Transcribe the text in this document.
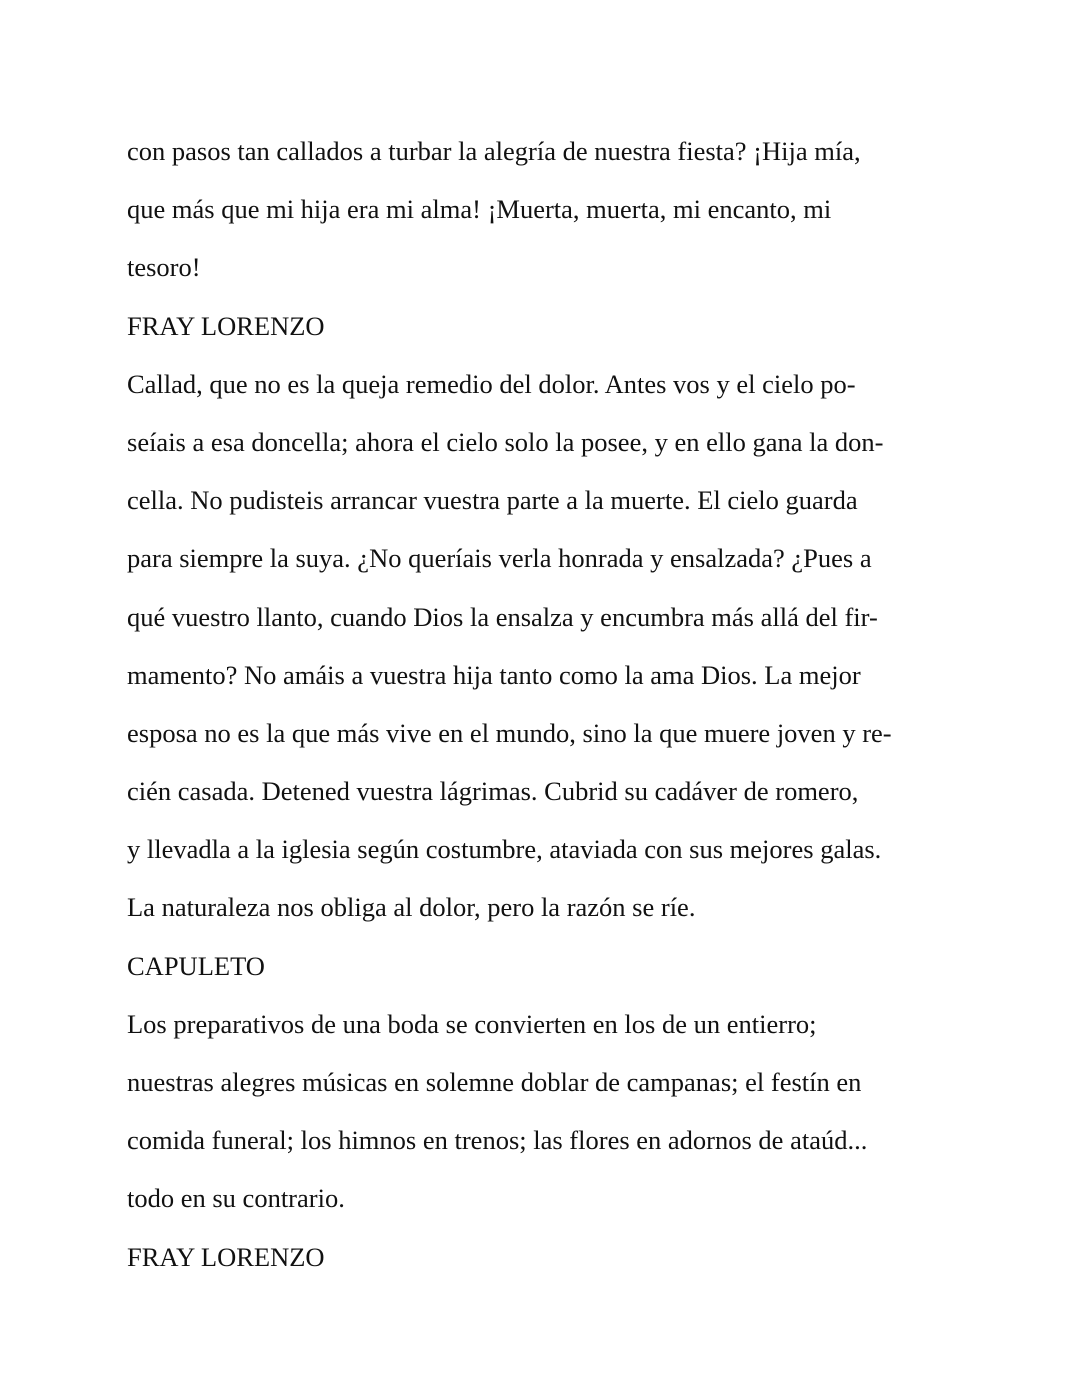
con pasos tan callados a turbar la alegría de nuestra fiesta? ¡Hija mía,

que más que mi hija era mi alma! ¡Muerta, muerta, mi encanto, mi

tesoro!

FRAY LORENZO

Callad, que no es la queja remedio del dolor. Antes vos y el cielo po-

seíais a esa doncella; ahora el cielo solo la posee, y en ello gana la don-

cella. No pudisteis arrancar vuestra parte a la muerte. El cielo guarda

para siempre la suya. ¿No queríais verla honrada y ensalzada? ¿Pues a

qué vuestro llanto, cuando Dios la ensalza y encumbra más allá del fir-

mamento? No amáis a vuestra hija tanto como la ama Dios. La mejor

esposa no es la que más vive en el mundo, sino la que muere joven y re-

cién casada. Detened vuestra lágrimas. Cubrid su cadáver de romero,

y llevadla a la iglesia según costumbre, ataviada con sus mejores galas.

La naturaleza nos obliga al dolor, pero la razón se ríe.

CAPULETO

Los preparativos de una boda se convierten en los de un entierro;

nuestras alegres músicas en solemne doblar de campanas; el festín en

comida funeral; los himnos en trenos; las flores en adornos de ataúd...

todo en su contrario.

FRAY LORENZO
